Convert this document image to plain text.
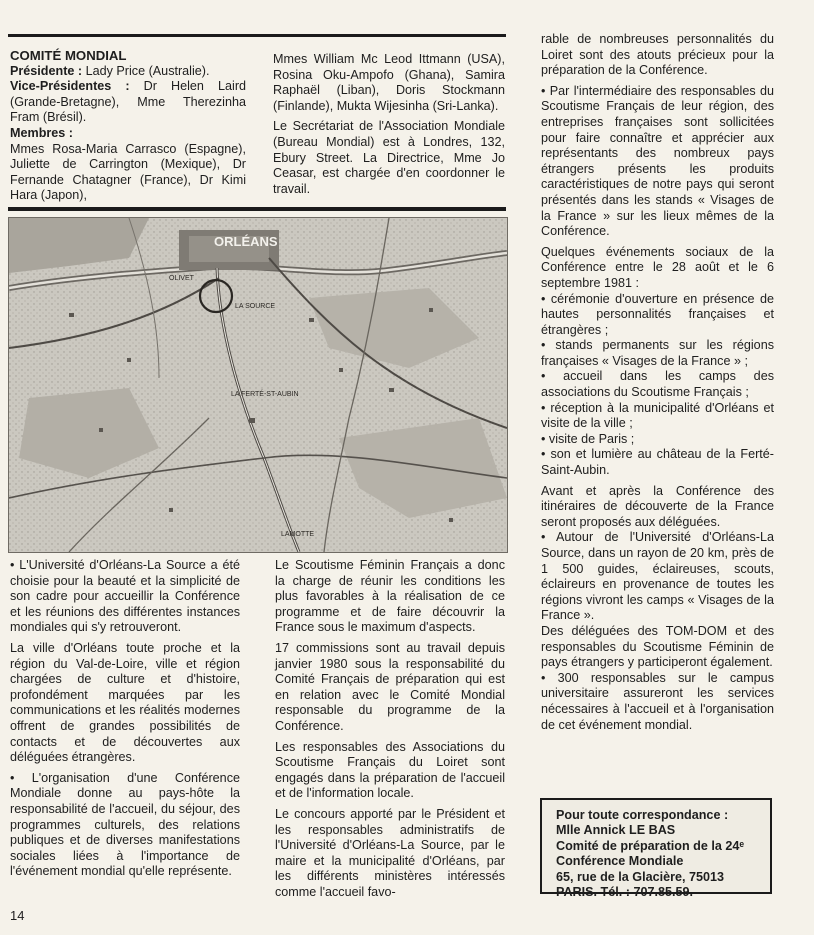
COMITÉ MONDIAL
Présidente : Lady Price (Australie).
Vice-Présidentes : Dr Helen Laird (Grande-Bretagne), Mme Therezinha Fram (Brésil).
Membres :
Mmes Rosa-Maria Carrasco (Espagne), Juliette de Carrington (Mexique), Dr Fernande Chatagner (France), Dr Kimi Hara (Japon),

Mmes William Mc Leod Ittmann (USA), Rosina Oku-Ampofo (Ghana), Samira Raphaël (Liban), Doris Stockmann (Finlande), Mukta Wijesinha (Sri-Lanka).

Le Secrétariat de l'Association Mondiale (Bureau Mondial) est à Londres, 132, Ebury Street. La Directrice, Mme Jo Ceasar, est chargée d'en coordonner le travail.

ORLÉANS
OLIVET
LA SOURCE
LA FERTÉ-ST-AUBIN
LAMOTTE

• L'Université d'Orléans-La Source a été choisie pour la beauté et la simplicité de son cadre pour accueillir la Conférence et les réunions des différentes instances mondiales qui s'y retrouveront.

La ville d'Orléans toute proche et la région du Val-de-Loire, ville et région chargées de culture et d'histoire, profondément marquées par les communications et les réalités modernes offrent de grandes possibilités de contacts et de découvertes aux déléguées étrangères.

• L'organisation d'une Conférence Mondiale donne au pays-hôte la responsabilité de l'accueil, du séjour, des programmes culturels, des relations publiques et de diverses manifestations sociales liées à l'importance de l'événement mondial qu'elle représente.

Le Scoutisme Féminin Français a donc la charge de réunir les conditions les plus favorables à la réalisation de ce programme et de faire découvrir la France sous le maximum d'aspects.

17 commissions sont au travail depuis janvier 1980 sous la responsabilité du Comité Français de préparation qui est en relation avec le Comité Mondial responsable du programme de la Conférence.

Les responsables des Associations du Scoutisme Français du Loiret sont engagés dans la préparation de l'accueil et de l'information locale.

Le concours apporté par le Président et les responsables administratifs de l'Université d'Orléans-La Source, par le maire et la municipalité d'Orléans, par les différents ministères intéressés comme l'accueil favo-

rable de nombreuses personnalités du Loiret sont des atouts précieux pour la préparation de la Conférence.

• Par l'intermédiaire des responsables du Scoutisme Français de leur région, des entreprises françaises sont sollicitées pour faire connaître et apprécier aux représentants des nombreux pays étrangers présents les produits caractéristiques de notre pays qui seront présentés dans les stands « Visages de la France » sur les lieux mêmes de la Conférence.

Quelques événements sociaux de la Conférence entre le 28 août et le 6 septembre 1981 :

• cérémonie d'ouverture en présence de hautes personnalités françaises et étrangères ;

• stands permanents sur les régions françaises « Visages de la France » ;

• accueil dans les camps des associations du Scoutisme Français ;

• réception à la municipalité d'Orléans et visite de la ville ;

• visite de Paris ;

• son et lumière au château de la Ferté-Saint-Aubin.

Avant et après la Conférence des itinéraires de découverte de la France seront proposés aux déléguées.

• Autour de l'Université d'Orléans-La Source, dans un rayon de 20 km, près de 1 500 guides, éclaireuses, scouts, éclaireurs en provenance de toutes les régions vivront les camps « Visages de la France ».

Des déléguées des TOM-DOM et des responsables du Scoutisme Féminin de pays étrangers y participeront également.

• 300 responsables sur le campus universitaire assureront les services nécessaires à l'accueil et à l'organisation de cet événement mondial.

Pour toute correspondance :
Mlle Annick LE BAS
Comité de préparation de la 24ᵉ
Conférence Mondiale
65, rue de la Glacière, 75013
PARIS. Tél. : 707.85.59.
14
